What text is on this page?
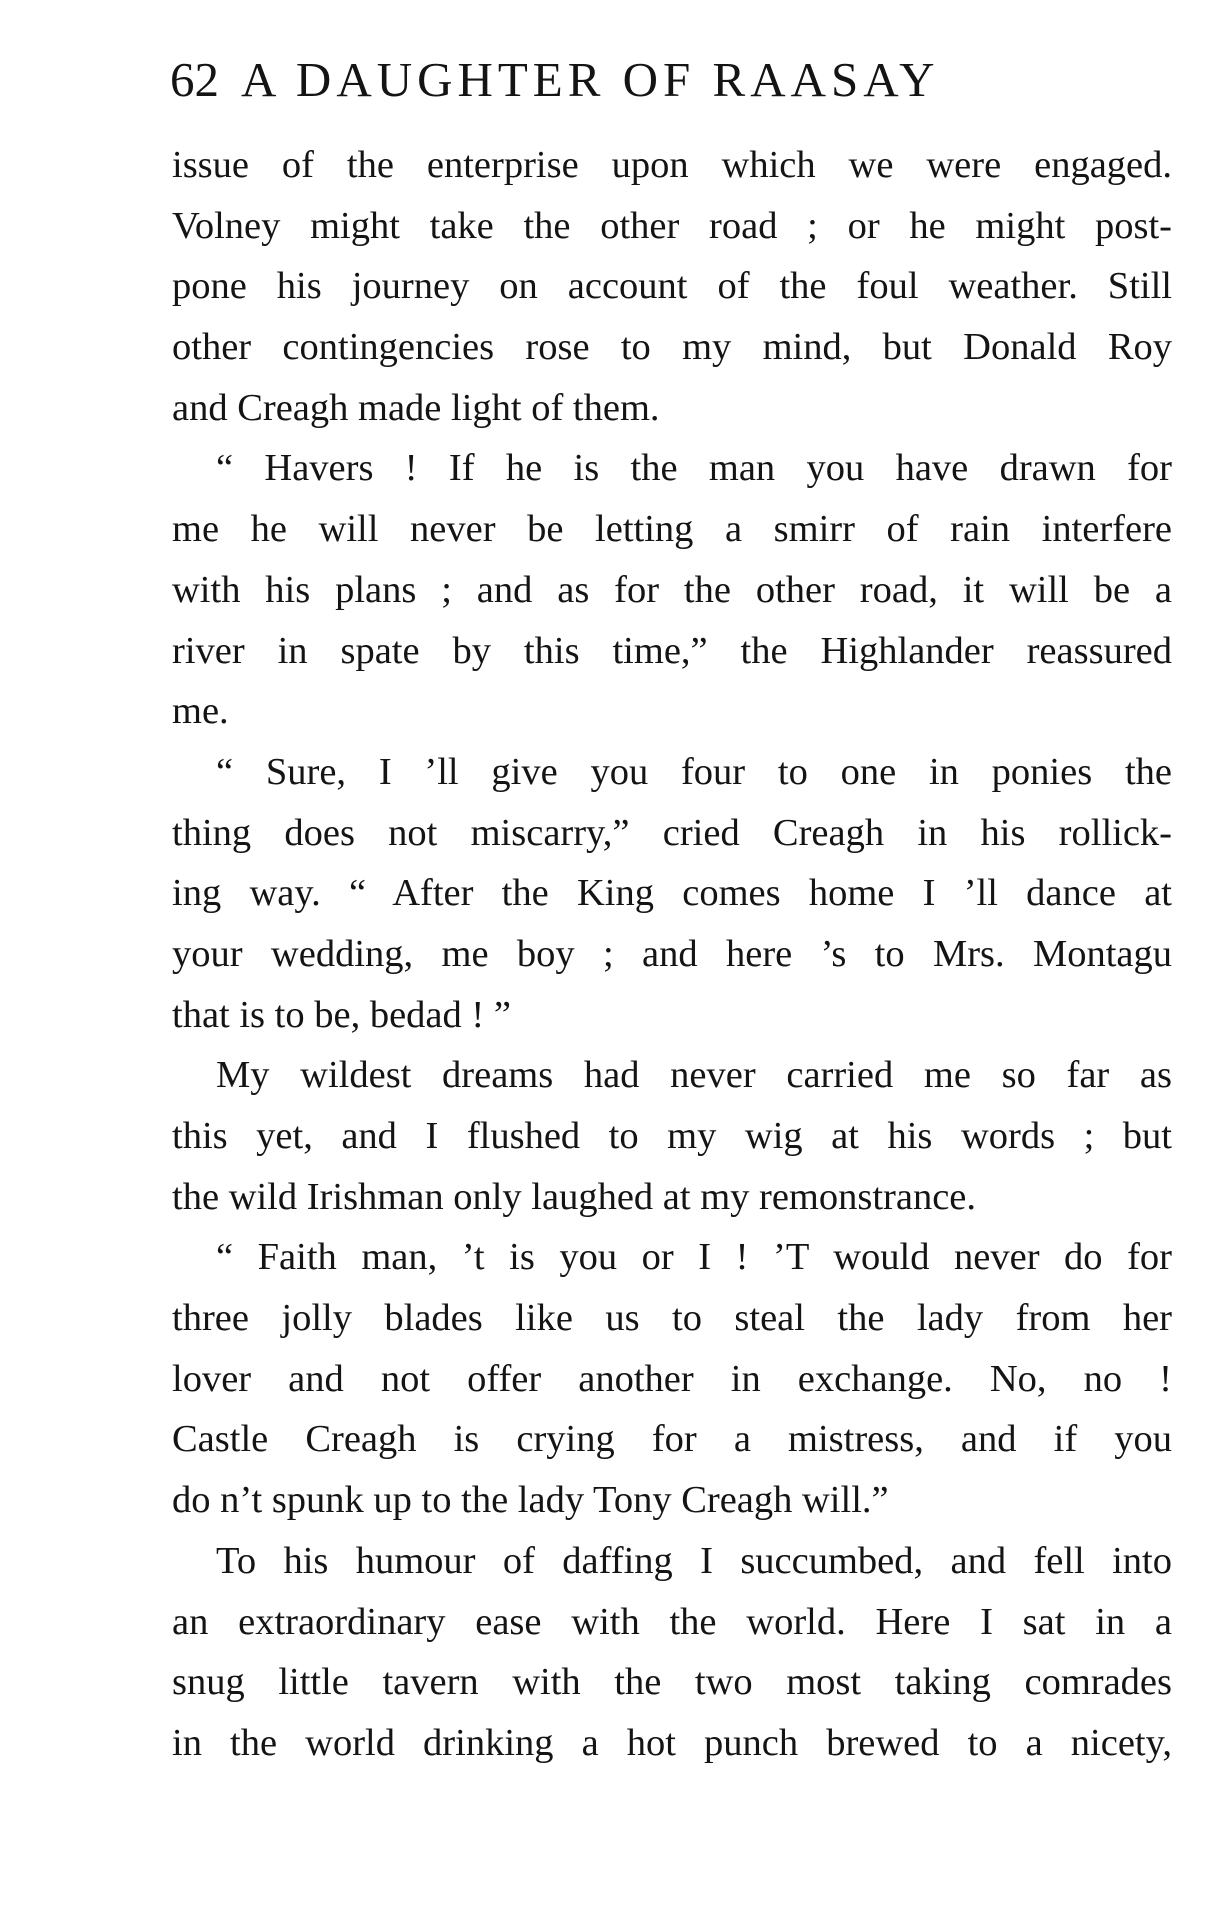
62 A DAUGHTER OF RAASAY
issue of the enterprise upon which we were engaged.
Volney might take the other road ; or he might post-
pone his journey on account of the foul weather. Still
other contingencies rose to my mind, but Donald Roy
and Creagh made light of them.
“ Havers ! If he is the man you have drawn for
me he will never be letting a smirr of rain interfere
with his plans ; and as for the other road, it will be a
river in spate by this time,” the Highlander reassured
me.
“ Sure, I ’ll give you four to one in ponies the
thing does not miscarry,” cried Creagh in his rollick-
ing way. “ After the King comes home I ’ll dance at
your wedding, me boy ; and here ’s to Mrs. Montagu
that is to be, bedad ! ”
My wildest dreams had never carried me so far as
this yet, and I flushed to my wig at his words ; but
the wild Irishman only laughed at my remonstrance.
“ Faith man, ’t is you or I ! ’T would never do for
three jolly blades like us to steal the lady from her
lover and not offer another in exchange. No, no !
Castle Creagh is crying for a mistress, and if you
do n’t spunk up to the lady Tony Creagh will.”
To his humour of daffing I succumbed, and fell into
an extraordinary ease with the world. Here I sat in a
snug little tavern with the two most taking comrades
in the world drinking a hot punch brewed to a nicety,
